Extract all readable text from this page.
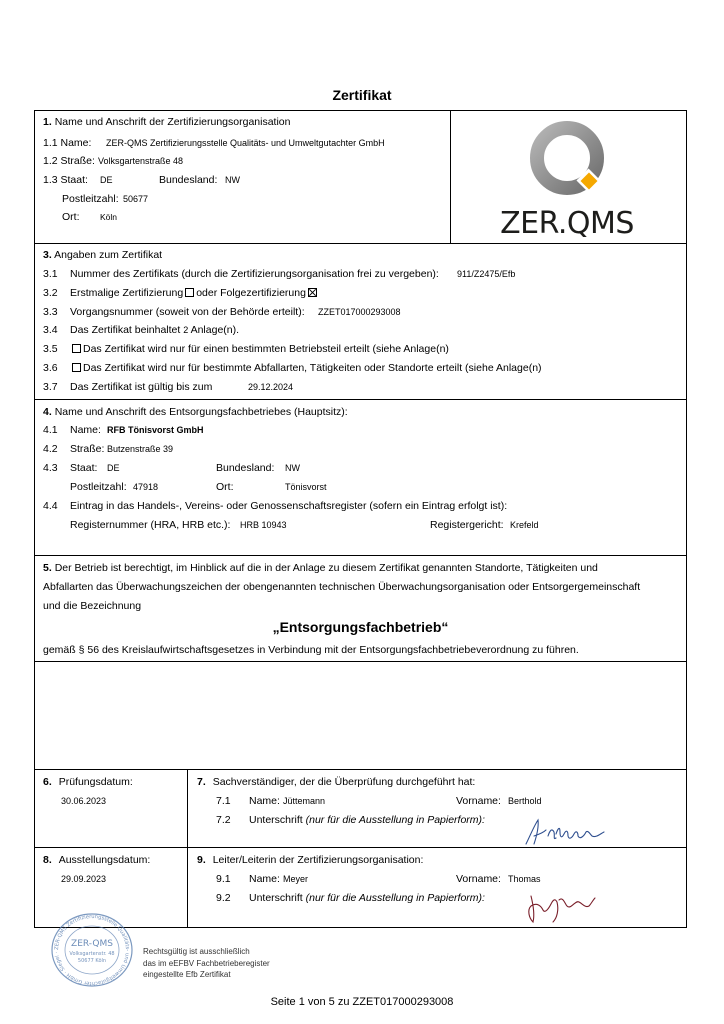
Zertifikat
1. Name und Anschrift der Zertifizierungsorganisation
1.1 Name: ZER-QMS Zertifizierungsstelle Qualitäts- und Umweltgutachter GmbH
1.2 Straße: Volksgartenstraße 48
1.3 Staat: DE	Bundesland: NW
Postleitzahl: 50677
Ort: Köln	ZER.QMS
3. Angaben zum Zertifikat
3.1 Nummer des Zertifikats (durch die Zertifizierungsorganisation frei zu vergeben): 911/Z2475/Efb
3.2 Erstmalige Zertifizierung oder Folgezertifizierung
3.3 Vorgangsnummer (soweit von der Behörde erteilt): ZZET017000293008
3.4 Das Zertifikat beinhaltet 2 Anlage(n).
3.5	Das Zertifikat wird nur für einen bestimmten Betriebsteil erteilt (siehe Anlage(n)
3.6	Das Zertifikat wird nur für bestimmte Abfallarten, Tätigkeiten oder Standorte erteilt (siehe Anlage(n)
3.7 Das Zertifikat ist gültig bis zum	29.12.2024
4. Name und Anschrift des Entsorgungsfachbetriebes (Hauptsitz):
4.1 Name: RFB Tönisvorst GmbH
4.2 Straße: Butzenstraße 39
4.3 Staat: DE	Bundesland: NW
Postleitzahl: 47918	Ort:	Tönisvorst
4.4 Eintrag in das Handels-, Vereins- oder Genossenschaftsregister (sofern ein Eintrag erfolgt ist):
Registernummer (HRA, HRB etc.): HRB 10943	Registergericht: Krefeld
5. Der Betrieb ist berechtigt, im Hinblick auf die in der Anlage zu diesem Zertifikat genannten Standorte, Tätigkeiten und
Abfallarten das Überwachungszeichen der obengenannten technischen Überwachungsorganisation oder Entsorgergemeinschaft
und die Bezeichnung
„Entsorgungsfachbetrieb“
gemäß § 56 des Kreislaufwirtschaftsgesetzes in Verbindung mit der Entsorgungsfachbetriebeverordnung zu führen.
6. Prüfungsdatum:
30.06.2023
7. Sachverständiger, der die Überprüfung durchgeführt hat:
7.1 Name: Jüttemann	Vorname: Berthold
7.2 Unterschrift (nur für die Ausstellung in Papierform):
8. Ausstellungsdatum:
29.09.2023
9. Leiter/Leiterin der Zertifizierungsorganisation:
9.1 Name: Meyer	Vorname: Thomas
9.2 Unterschrift (nur für die Ausstellung in Papierform):
ZER-QMS Zertifizierungsstelle Qualitäts- und Umweltgutachter GmbH · Siegel ·
ZER-QMS
Volksgartenstr. 48
50677 Köln
Rechtsgültig ist ausschließlich
das im eEFBV Fachbetrieberegister
eingestellte Efb Zertifikat
Seite 1 von 5 zu ZZET017000293008
